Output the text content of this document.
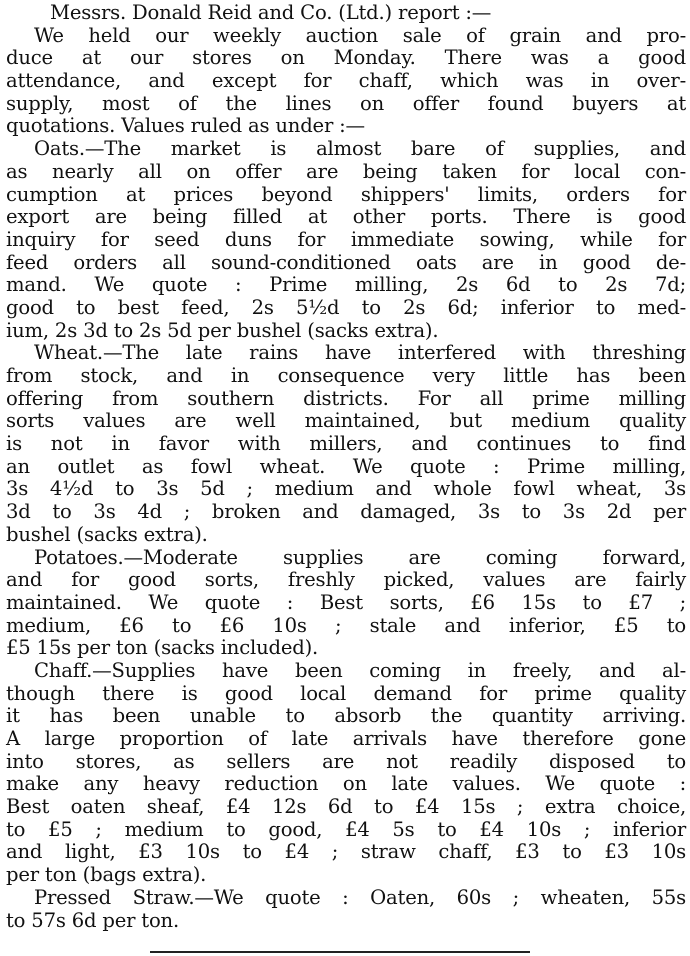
Messrs. Donald Reid and Co. (Ltd.) report :—
We held our weekly auction sale of grain and pro-
duce at our stores on Monday. There was a good
attendance, and except for chaff, which was in over-
supply, most of the lines on offer found buyers at
quotations. Values ruled as under :—
Oats.—The market is almost bare of supplies, and
as nearly all on offer are being taken for local con-
cumption at prices beyond shippers' limits, orders for
export are being filled at other ports. There is good
inquiry for seed duns for immediate sowing, while for
feed orders all sound-conditioned oats are in good de-
mand. We quote : Prime milling, 2s 6d to 2s 7d;
good to best feed, 2s 5½d to 2s 6d; inferior to med-
ium, 2s 3d to 2s 5d per bushel (sacks extra).
Wheat.—The late rains have interfered with threshing
from stock, and in consequence very little has been
offering from southern districts. For all prime milling
sorts values are well maintained, but medium quality
is not in favor with millers, and continues to find
an outlet as fowl wheat. We quote : Prime milling,
3s 4½d to 3s 5d ; medium and whole fowl wheat, 3s
3d to 3s 4d ; broken and damaged, 3s to 3s 2d per
bushel (sacks extra).
Potatoes.—Moderate supplies are coming forward,
and for good sorts, freshly picked, values are fairly
maintained. We quote : Best sorts, £6 15s to £7 ;
medium, £6 to £6 10s ; stale and inferior, £5 to
£5 15s per ton (sacks included).
Chaff.—Supplies have been coming in freely, and al-
though there is good local demand for prime quality
it has been unable to absorb the quantity arriving.
A large proportion of late arrivals have therefore gone
into stores, as sellers are not readily disposed to
make any heavy reduction on late values. We quote :
Best oaten sheaf, £4 12s 6d to £4 15s ; extra choice,
to £5 ; medium to good, £4 5s to £4 10s ; inferior
and light, £3 10s to £4 ; straw chaff, £3 to £3 10s
per ton (bags extra).
Pressed Straw.—We quote : Oaten, 60s ; wheaten, 55s
to 57s 6d per ton.
